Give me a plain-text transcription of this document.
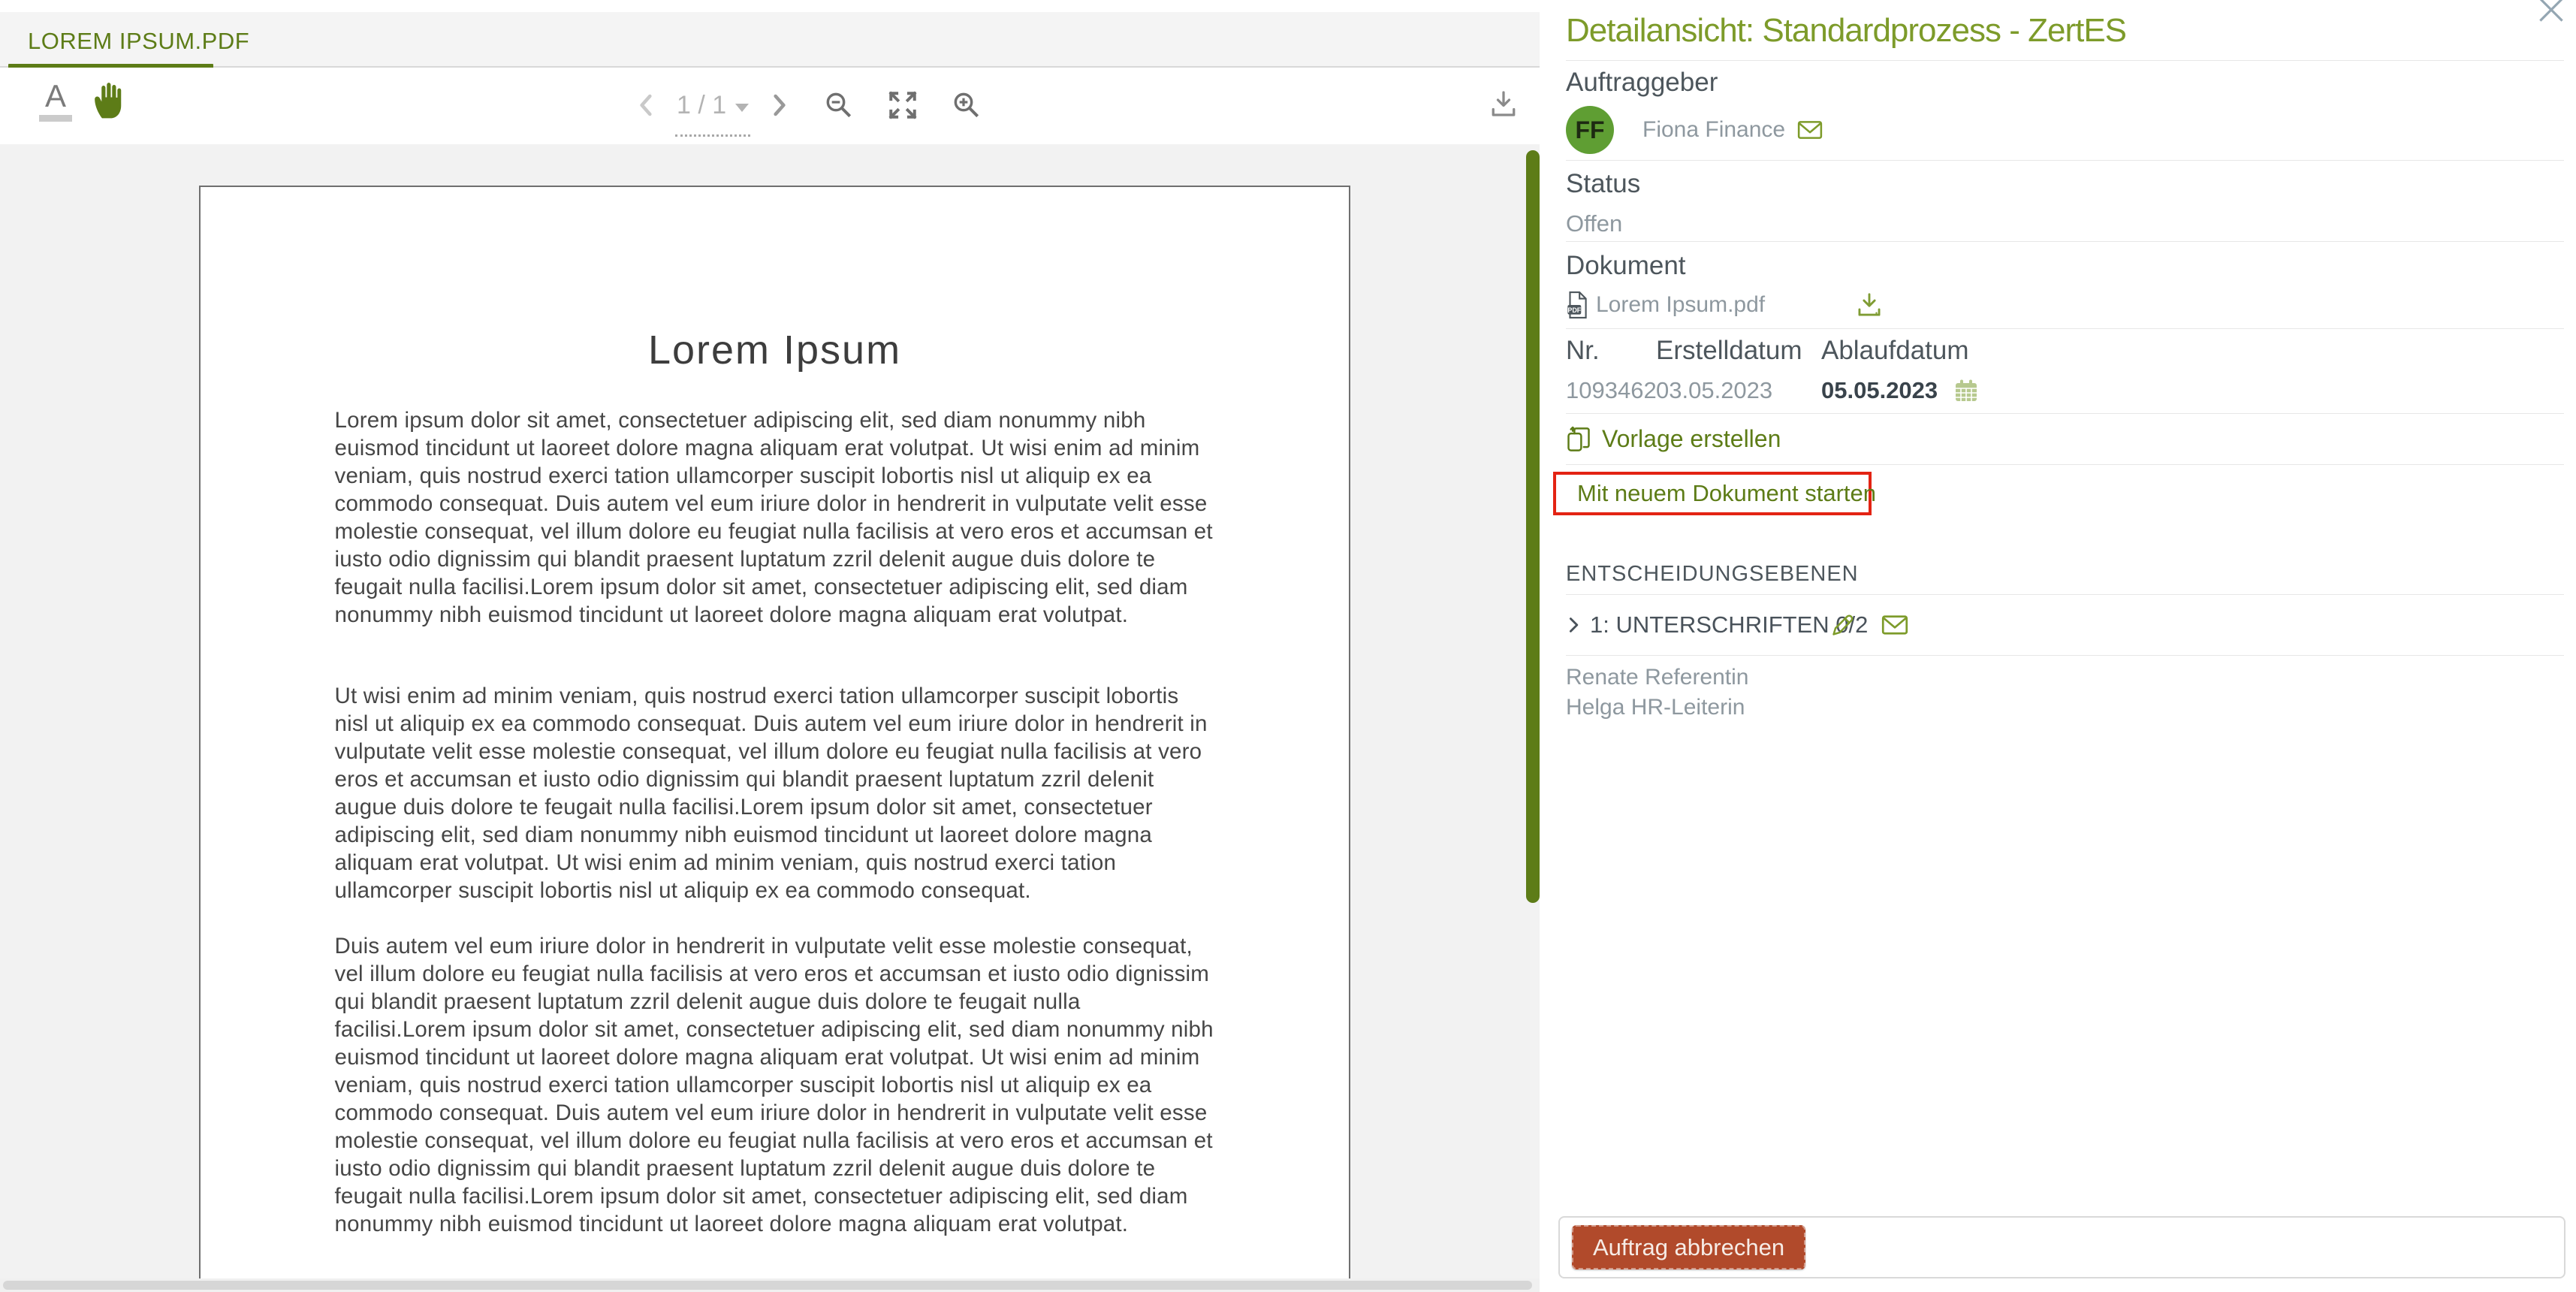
LOREM IPSUM.PDF
A	1 / 1
Lorem Ipsum

Lorem ipsum dolor sit amet, consectetuer adipiscing elit, sed diam nonummy nibh euismod tincidunt ut laoreet dolore magna aliquam erat volutpat. Ut wisi enim ad minim veniam, quis nostrud exerci tation ullamcorper suscipit lobortis nisl ut aliquip ex ea commodo consequat. Duis autem vel eum iriure dolor in hendrerit in vulputate velit esse molestie consequat, vel illum dolore eu feugiat nulla facilisis at vero eros et accumsan et iusto odio dignissim qui blandit praesent luptatum zzril delenit augue duis dolore te feugait nulla facilisi.Lorem ipsum dolor sit amet, consectetuer adipiscing elit, sed diam nonummy nibh euismod tincidunt ut laoreet dolore magna aliquam erat volutpat.

Ut wisi enim ad minim veniam, quis nostrud exerci tation ullamcorper suscipit lobortis nisl ut aliquip ex ea commodo consequat. Duis autem vel eum iriure dolor in hendrerit in vulputate velit esse molestie consequat, vel illum dolore eu feugiat nulla facilisis at vero eros et accumsan et iusto odio dignissim qui blandit praesent luptatum zzril delenit augue duis dolore te feugait nulla facilisi.Lorem ipsum dolor sit amet, consectetuer adipiscing elit, sed diam nonummy nibh euismod tincidunt ut laoreet dolore magna aliquam erat volutpat. Ut wisi enim ad minim veniam, quis nostrud exerci tation ullamcorper suscipit lobortis nisl ut aliquip ex ea commodo consequat.

Duis autem vel eum iriure dolor in hendrerit in vulputate velit esse molestie consequat, vel illum dolore eu feugiat nulla facilisis at vero eros et accumsan et iusto odio dignissim qui blandit praesent luptatum zzril delenit augue duis dolore te feugait nulla facilisi.Lorem ipsum dolor sit amet, consectetuer adipiscing elit, sed diam nonummy nibh euismod tincidunt ut laoreet dolore magna aliquam erat volutpat. Ut wisi enim ad minim veniam, quis nostrud exerci tation ullamcorper suscipit lobortis nisl ut aliquip ex ea commodo consequat. Duis autem vel eum iriure dolor in hendrerit in vulputate velit esse molestie consequat, vel illum dolore eu feugiat nulla facilisis at vero eros et accumsan et iusto odio dignissim qui blandit praesent luptatum zzril delenit augue duis dolore te feugait nulla facilisi.Lorem ipsum dolor sit amet, consectetuer adipiscing elit, sed diam nonummy nibh euismod tincidunt ut laoreet dolore magna aliquam erat volutpat.

Detailansicht: Standardprozess - ZertES
Auftraggeber
FF	Fiona Finance
Status
Offen
Dokument
PDF Lorem Ipsum.pdf
Nr.	Erstelldatum Ablaufdatum
1093462 03.05.2023	05.05.2023
Vorlage erstellen
Mit neuem Dokument starten
ENTSCHEIDUNGSEBENEN
1: UNTERSCHRIFTEN 0/2
Renate Referentin
Helga HR-Leiterin
Auftrag abbrechen
